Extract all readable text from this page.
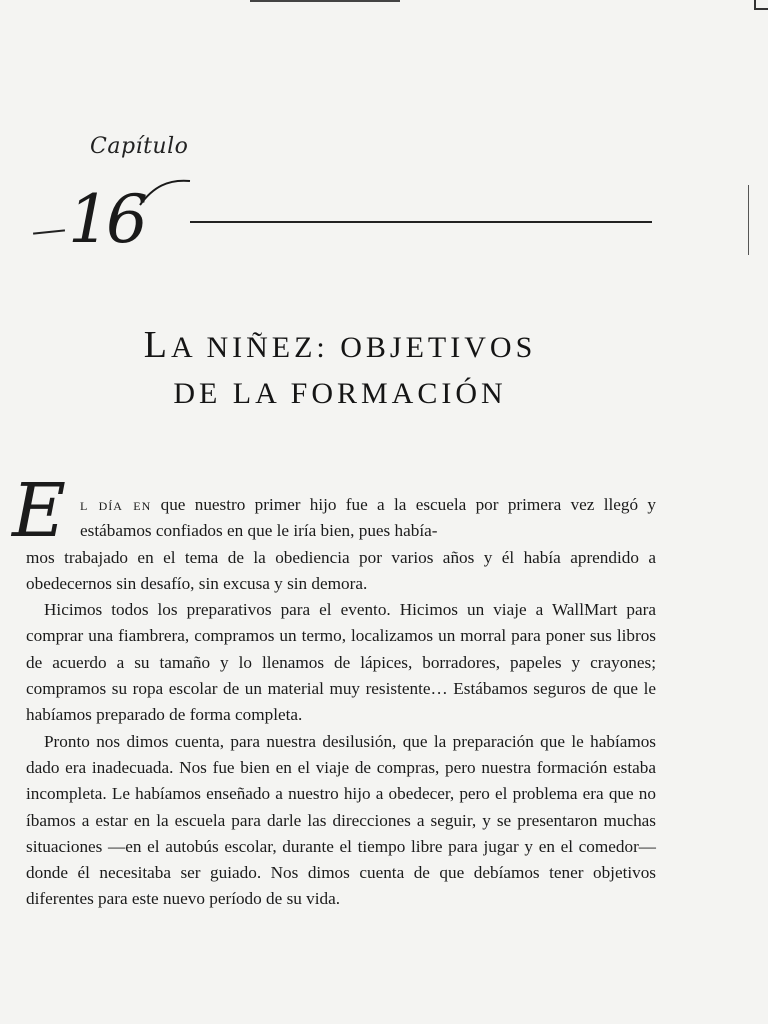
Capítulo
16
LA NIÑEZ: OBJETIVOS
DE LA FORMACIÓN
E l día en que nuestro primer hijo fue a la escuela por primera vez llegó y estábamos confiados en que le iría bien, pues había-

mos trabajado en el tema de la obediencia por varios años y él había aprendido a obedecernos sin desafío, sin excusa y sin demora.

Hicimos todos los preparativos para el evento. Hicimos un viaje a WallMart para comprar una fiambrera, compramos un termo, localizamos un morral para poner sus libros de acuerdo a su tamaño y lo llenamos de lápices, borradores, papeles y crayones; compramos su ropa escolar de un material muy resistente… Estábamos seguros de que le habíamos preparado de forma completa.

Pronto nos dimos cuenta, para nuestra desilusión, que la preparación que le habíamos dado era inadecuada. Nos fue bien en el viaje de compras, pero nuestra formación estaba incompleta. Le habíamos enseñado a nuestro hijo a obedecer, pero el problema era que no íbamos a estar en la escuela para darle las direcciones a seguir, y se presentaron muchas situaciones —en el autobús escolar, durante el tiempo libre para jugar y en el comedor— donde él necesitaba ser guiado. Nos dimos cuenta de que debíamos tener objetivos diferentes para este nuevo período de su vida.
